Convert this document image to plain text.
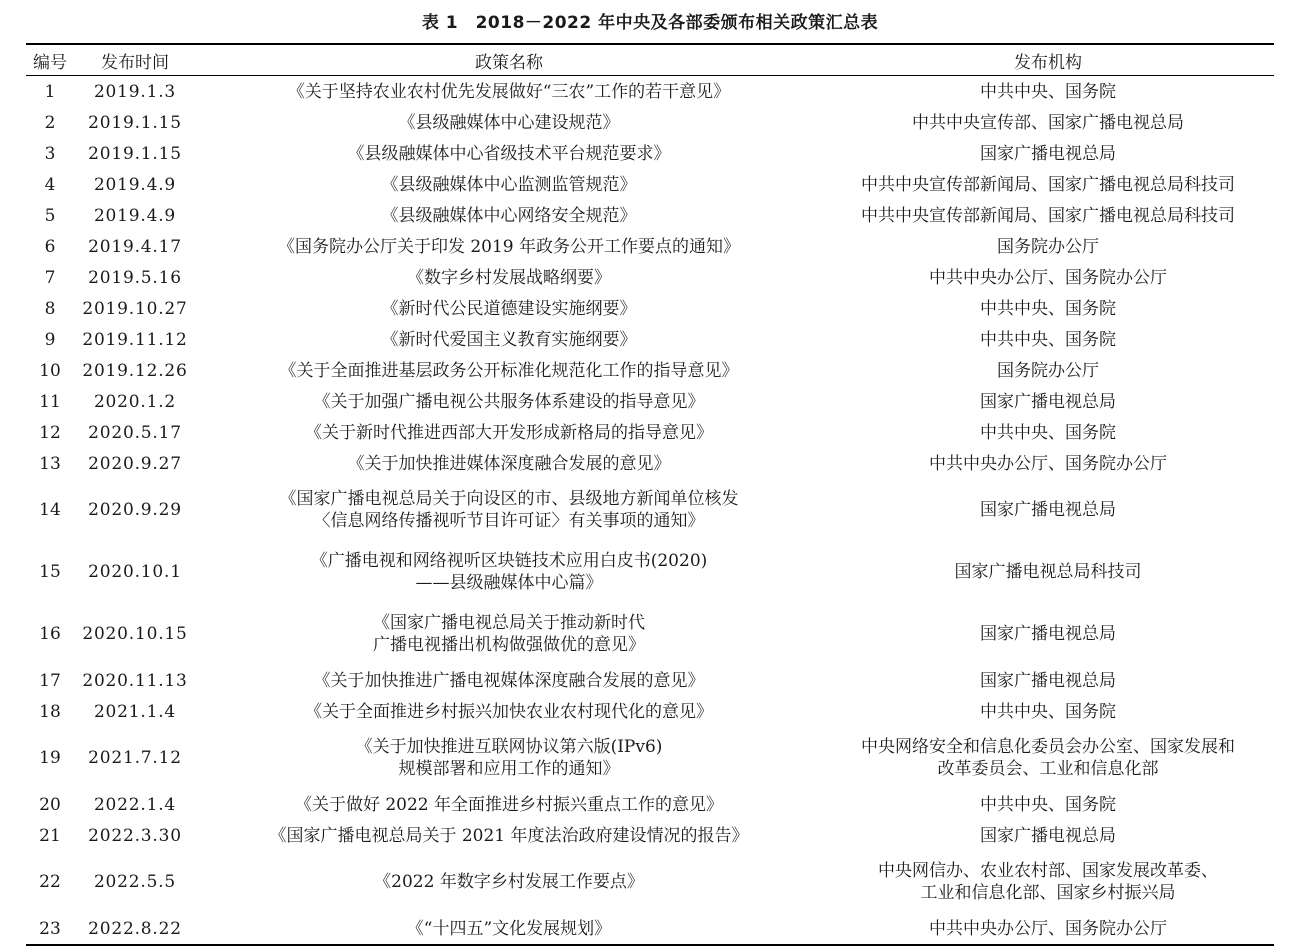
表 1　2018－2022 年中央及各部委颁布相关政策汇总表
编号	发布时间	政策名称	发布机构
1	2019.1.3	《关于坚持农业农村优先发展做好“三农”工作的若干意见》	中共中央、国务院

2	2019.1.15	《县级融媒体中心建设规范》	中共中央宣传部、国家广播电视总局

3	2019.1.15	《县级融媒体中心省级技术平台规范要求》	国家广播电视总局

4	2019.4.9	《县级融媒体中心监测监管规范》	中共中央宣传部新闻局、国家广播电视总局科技司

5	2019.4.9	《县级融媒体中心网络安全规范》	中共中央宣传部新闻局、国家广播电视总局科技司

6	2019.4.17	《国务院办公厅关于印发 2019 年政务公开工作要点的通知》	国务院办公厅

7	2019.5.16	《数字乡村发展战略纲要》	中共中央办公厅、国务院办公厅

8	2019.10.27	《新时代公民道德建设实施纲要》	中共中央、国务院

9	2019.11.12	《新时代爱国主义教育实施纲要》	中共中央、国务院

10	2019.12.26	《关于全面推进基层政务公开标准化规范化工作的指导意见》	国务院办公厅

11	2020.1.2	《关于加强广播电视公共服务体系建设的指导意见》	国家广播电视总局

12	2020.5.17	《关于新时代推进西部大开发形成新格局的指导意见》	中共中央、国务院

13	2020.9.27	《关于加快推进媒体深度融合发展的意见》	中共中央办公厅、国务院办公厅

14	2020.9.29	《国家广播电视总局关于向设区的市、县级地方新闻单位核发
〈信息网络传播视听节目许可证〉有关事项的通知》	国家广播电视总局

15	2020.10.1	《广播电视和网络视听区块链技术应用白皮书(2020)
——县级融媒体中心篇》	国家广播电视总局科技司

16	2020.10.15	《国家广播电视总局关于推动新时代
广播电视播出机构做强做优的意见》	国家广播电视总局

17	2020.11.13	《关于加快推进广播电视媒体深度融合发展的意见》	国家广播电视总局

18	2021.1.4	《关于全面推进乡村振兴加快农业农村现代化的意见》	中共中央、国务院

19	2021.7.12	《关于加快推进互联网协议第六版(IPv6)
规模部署和应用工作的通知》	中央网络安全和信息化委员会办公室、国家发展和
改革委员会、工业和信息化部

20	2022.1.4	《关于做好 2022 年全面推进乡村振兴重点工作的意见》	中共中央、国务院

21	2022.3.30	《国家广播电视总局关于 2021 年度法治政府建设情况的报告》	国家广播电视总局

22	2022.5.5	《2022 年数字乡村发展工作要点》	中央网信办、农业农村部、国家发展改革委、
工业和信息化部、国家乡村振兴局

23	2022.8.22	《“十四五”文化发展规划》	中共中央办公厅、国务院办公厅
